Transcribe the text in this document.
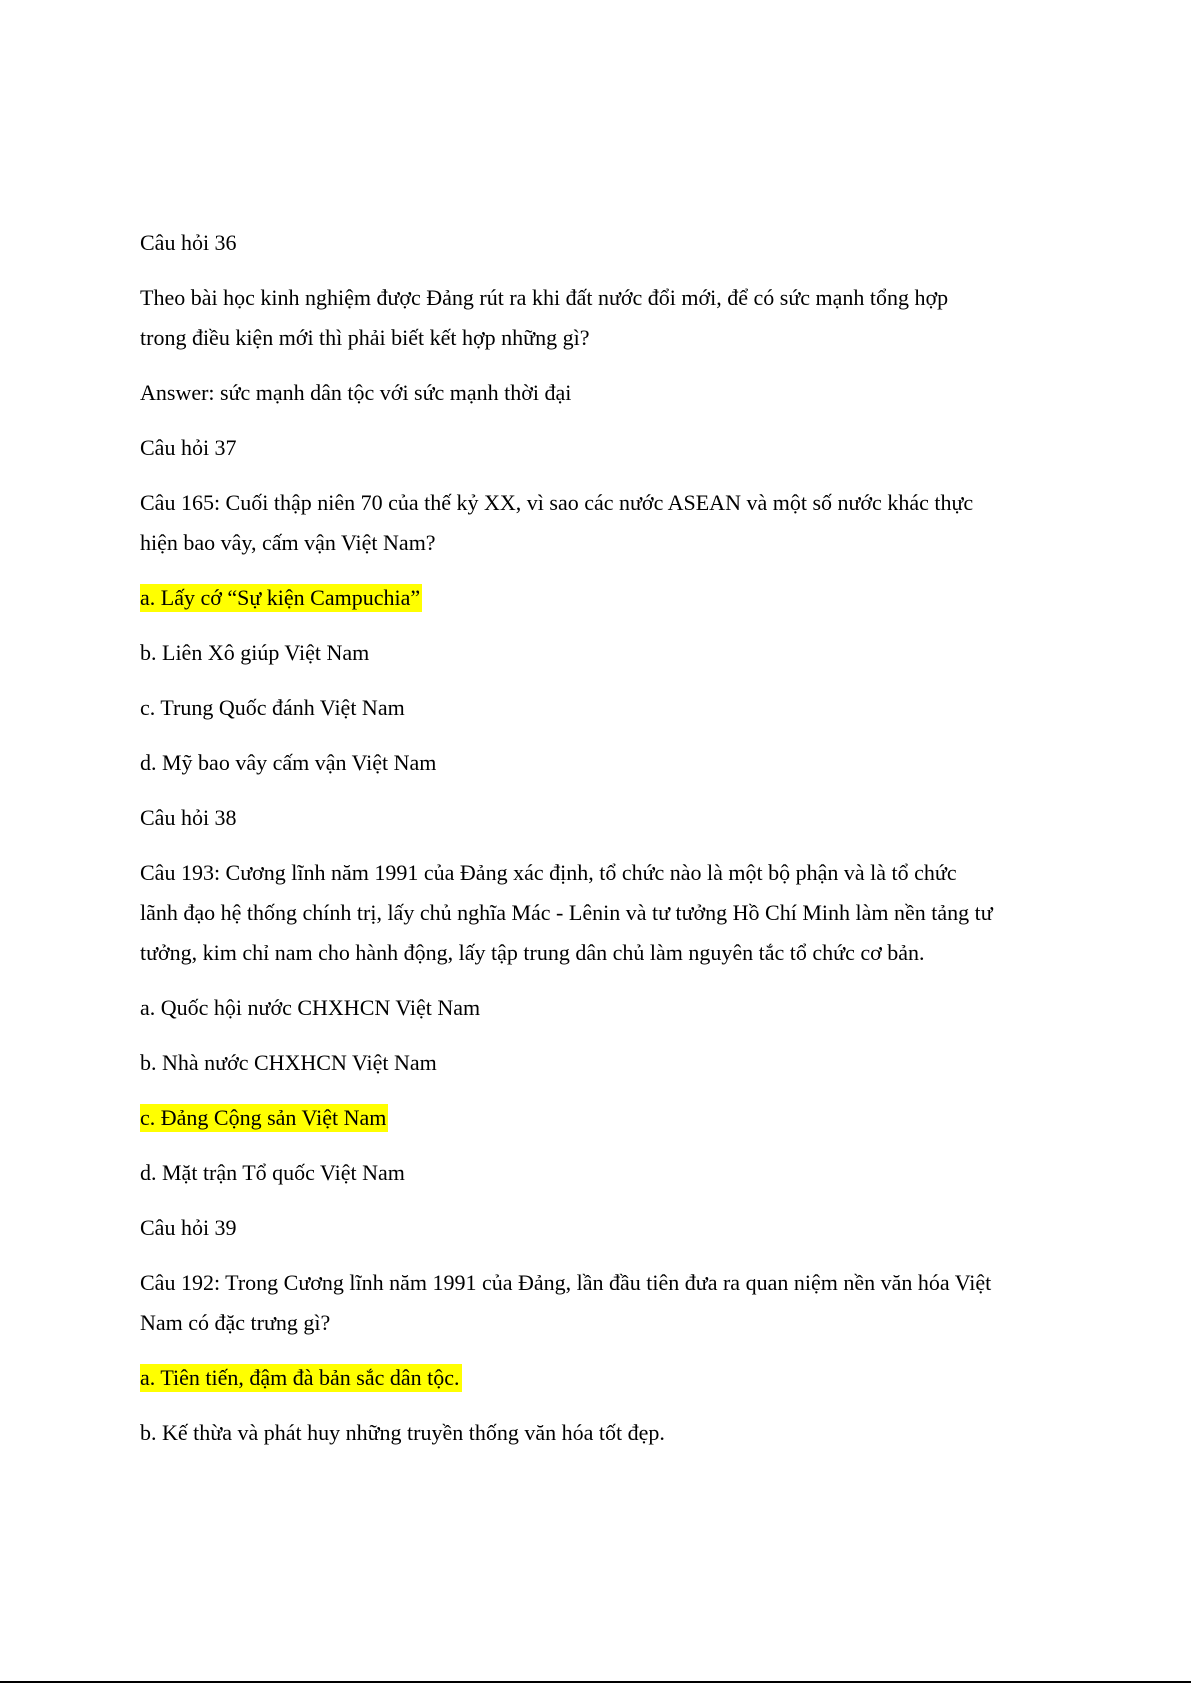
Câu hỏi 36
Theo bài học kinh nghiệm được Đảng rút ra khi đất nước đổi mới, để có sức mạnh tổng hợp
trong điều kiện mới thì phải biết kết hợp những gì?
Answer: sức mạnh dân tộc với sức mạnh thời đại
Câu hỏi 37
Câu 165: Cuối thập niên 70 của thế kỷ XX, vì sao các nước ASEAN và một số nước khác thực
hiện bao vây, cấm vận Việt Nam?
a. Lấy cớ “Sự kiện Campuchia”
b. Liên Xô giúp Việt Nam
c. Trung Quốc đánh Việt Nam
d. Mỹ bao vây cấm vận Việt Nam
Câu hỏi 38
Câu 193: Cương lĩnh năm 1991 của Đảng xác định, tổ chức nào là một bộ phận và là tổ chức
lãnh đạo hệ thống chính trị, lấy chủ nghĩa Mác - Lênin và tư tưởng Hồ Chí Minh làm nền tảng tư
tưởng, kim chỉ nam cho hành động, lấy tập trung dân chủ làm nguyên tắc tổ chức cơ bản.
a. Quốc hội nước CHXHCN Việt Nam
b. Nhà nước CHXHCN Việt Nam
c. Đảng Cộng sản Việt Nam
d. Mặt trận Tổ quốc Việt Nam
Câu hỏi 39
Câu 192: Trong Cương lĩnh năm 1991 của Đảng, lần đầu tiên đưa ra quan niệm nền văn hóa Việt
Nam có đặc trưng gì?
a. Tiên tiến, đậm đà bản sắc dân tộc.
b. Kế thừa và phát huy những truyền thống văn hóa tốt đẹp.
